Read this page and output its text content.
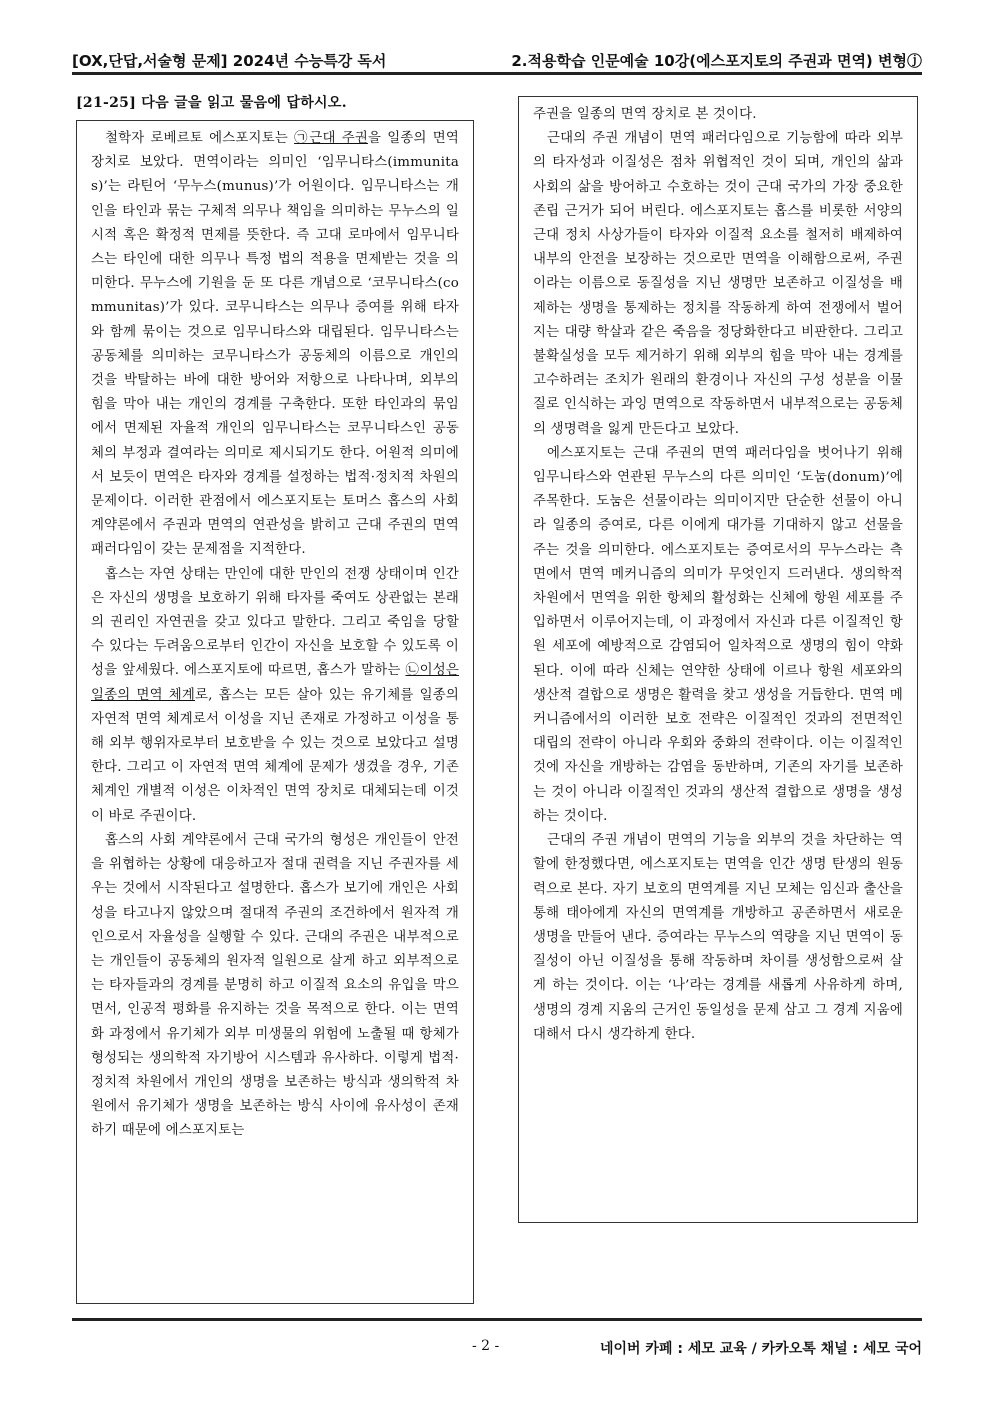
[OX,단답,서술형 문제] 2024년 수능특강 독서	2.적용학습 인문예술 10강(에스포지토의 주권과 면역) 변형ⓙ
[21-25] 다음 글을 읽고 물음에 답하시오.

철학자 로베르토 에스포지토는 ㉠근대 주권을 일종의 면역 장치로 보았다. 면역이라는 의미인 ‘임무니타스(immunitas)’는 라틴어 ‘무누스(munus)’가 어원이다. 임무니타스는 개인을 타인과 묶는 구체적 의무나 책임을 의미하는 무누스의 일시적 혹은 확정적 면제를 뜻한다. 즉 고대 로마에서 임무니타스는 타인에 대한 의무나 특정 법의 적용을 면제받는 것을 의미한다. 무누스에 기원을 둔 또 다른 개념으로 ‘코무니타스(communitas)’가 있다. 코무니타스는 의무나 증여를 위해 타자와 함께 묶이는 것으로 임무니타스와 대립된다. 임무니타스는 공동체를 의미하는 코무니타스가 공동체의 이름으로 개인의 것을 박탈하는 바에 대한 방어와 저항으로 나타나며, 외부의 힘을 막아 내는 개인의 경계를 구축한다. 또한 타인과의 묶임에서 면제된 자율적 개인의 임무니타스는 코무니타스인 공동체의 부정과 결여라는 의미로 제시되기도 한다. 어원적 의미에서 보듯이 면역은 타자와 경계를 설정하는 법적·정치적 차원의 문제이다. 이러한 관점에서 에스포지토는 토머스 홉스의 사회 계약론에서 주권과 면역의 연관성을 밝히고 근대 주권의 면역 패러다임이 갖는 문제점을 지적한다.

홉스는 자연 상태는 만인에 대한 만인의 전쟁 상태이며 인간은 자신의 생명을 보호하기 위해 타자를 죽여도 상관없는 본래의 권리인 자연권을 갖고 있다고 말한다. 그리고 죽임을 당할 수 있다는 두려움으로부터 인간이 자신을 보호할 수 있도록 이성을 앞세웠다. 에스포지토에 따르면, 홉스가 말하는 ㉡이성은 일종의 면역 체계로, 홉스는 모든 살아 있는 유기체를 일종의 자연적 면역 체계로서 이성을 지닌 존재로 가정하고 이성을 통해 외부 행위자로부터 보호받을 수 있는 것으로 보았다고 설명한다. 그리고 이 자연적 면역 체계에 문제가 생겼을 경우, 기존 체계인 개별적 이성은 이차적인 면역 장치로 대체되는데 이것이 바로 주권이다.

홉스의 사회 계약론에서 근대 국가의 형성은 개인들이 안전을 위협하는 상황에 대응하고자 절대 권력을 지닌 주권자를 세우는 것에서 시작된다고 설명한다. 홉스가 보기에 개인은 사회성을 타고나지 않았으며 절대적 주권의 조건하에서 원자적 개인으로서 자율성을 실행할 수 있다. 근대의 주권은 내부적으로는 개인들이 공동체의 원자적 일원으로 살게 하고 외부적으로는 타자들과의 경계를 분명히 하고 이질적 요소의 유입을 막으면서, 인공적 평화를 유지하는 것을 목적으로 한다. 이는 면역화 과정에서 유기체가 외부 미생물의 위험에 노출될 때 항체가 형성되는 생의학적 자기방어 시스템과 유사하다. 이렇게 법적·정치적 차원에서 개인의 생명을 보존하는 방식과 생의학적 차원에서 유기체가 생명을 보존하는 방식 사이에 유사성이 존재하기 때문에 에스포지토는

주권을 일종의 면역 장치로 본 것이다.

근대의 주권 개념이 면역 패러다임으로 기능함에 따라 외부의 타자성과 이질성은 점차 위협적인 것이 되며, 개인의 삶과 사회의 삶을 방어하고 수호하는 것이 근대 국가의 가장 중요한 존립 근거가 되어 버린다. 에스포지토는 홉스를 비롯한 서양의 근대 정치 사상가들이 타자와 이질적 요소를 철저히 배제하여 내부의 안전을 보장하는 것으로만 면역을 이해함으로써, 주권이라는 이름으로 동질성을 지닌 생명만 보존하고 이질성을 배제하는 생명을 통제하는 정치를 작동하게 하여 전쟁에서 벌어지는 대량 학살과 같은 죽음을 정당화한다고 비판한다. 그리고 불확실성을 모두 제거하기 위해 외부의 힘을 막아 내는 경계를 고수하려는 조치가 원래의 환경이나 자신의 구성 성분을 이물질로 인식하는 과잉 면역으로 작동하면서 내부적으로는 공동체의 생명력을 잃게 만든다고 보았다.

에스포지토는 근대 주권의 면역 패러다임을 벗어나기 위해 임무니타스와 연관된 무누스의 다른 의미인 ‘도눔(donum)’에 주목한다. 도눔은 선물이라는 의미이지만 단순한 선물이 아니라 일종의 증여로, 다른 이에게 대가를 기대하지 않고 선물을 주는 것을 의미한다. 에스포지토는 증여로서의 무누스라는 측면에서 면역 메커니즘의 의미가 무엇인지 드러낸다. 생의학적 차원에서 면역을 위한 항체의 활성화는 신체에 항원 세포를 주입하면서 이루어지는데, 이 과정에서 자신과 다른 이질적인 항원 세포에 예방적으로 감염되어 일차적으로 생명의 힘이 약화된다. 이에 따라 신체는 연약한 상태에 이르나 항원 세포와의 생산적 결합으로 생명은 활력을 찾고 생성을 거듭한다. 면역 메커니즘에서의 이러한 보호 전략은 이질적인 것과의 전면적인 대립의 전략이 아니라 우회와 중화의 전략이다. 이는 이질적인 것에 자신을 개방하는 감염을 동반하며, 기존의 자기를 보존하는 것이 아니라 이질적인 것과의 생산적 결합으로 생명을 생성하는 것이다.

근대의 주권 개념이 면역의 기능을 외부의 것을 차단하는 역할에 한정했다면, 에스포지토는 면역을 인간 생명 탄생의 원동력으로 본다. 자기 보호의 면역계를 지닌 모체는 임신과 출산을 통해 태아에게 자신의 면역계를 개방하고 공존하면서 새로운 생명을 만들어 낸다. 증여라는 무누스의 역량을 지닌 면역이 동질성이 아닌 이질성을 통해 작동하며 차이를 생성함으로써 살게 하는 것이다. 이는 ‘나’라는 경계를 새롭게 사유하게 하며, 생명의 경계 지움의 근거인 동일성을 문제 삼고 그 경계 지움에 대해서 다시 생각하게 한다.

- 2 -	네이버 카페 : 세모 교육 / 카카오톡 채널 : 세모 국어
